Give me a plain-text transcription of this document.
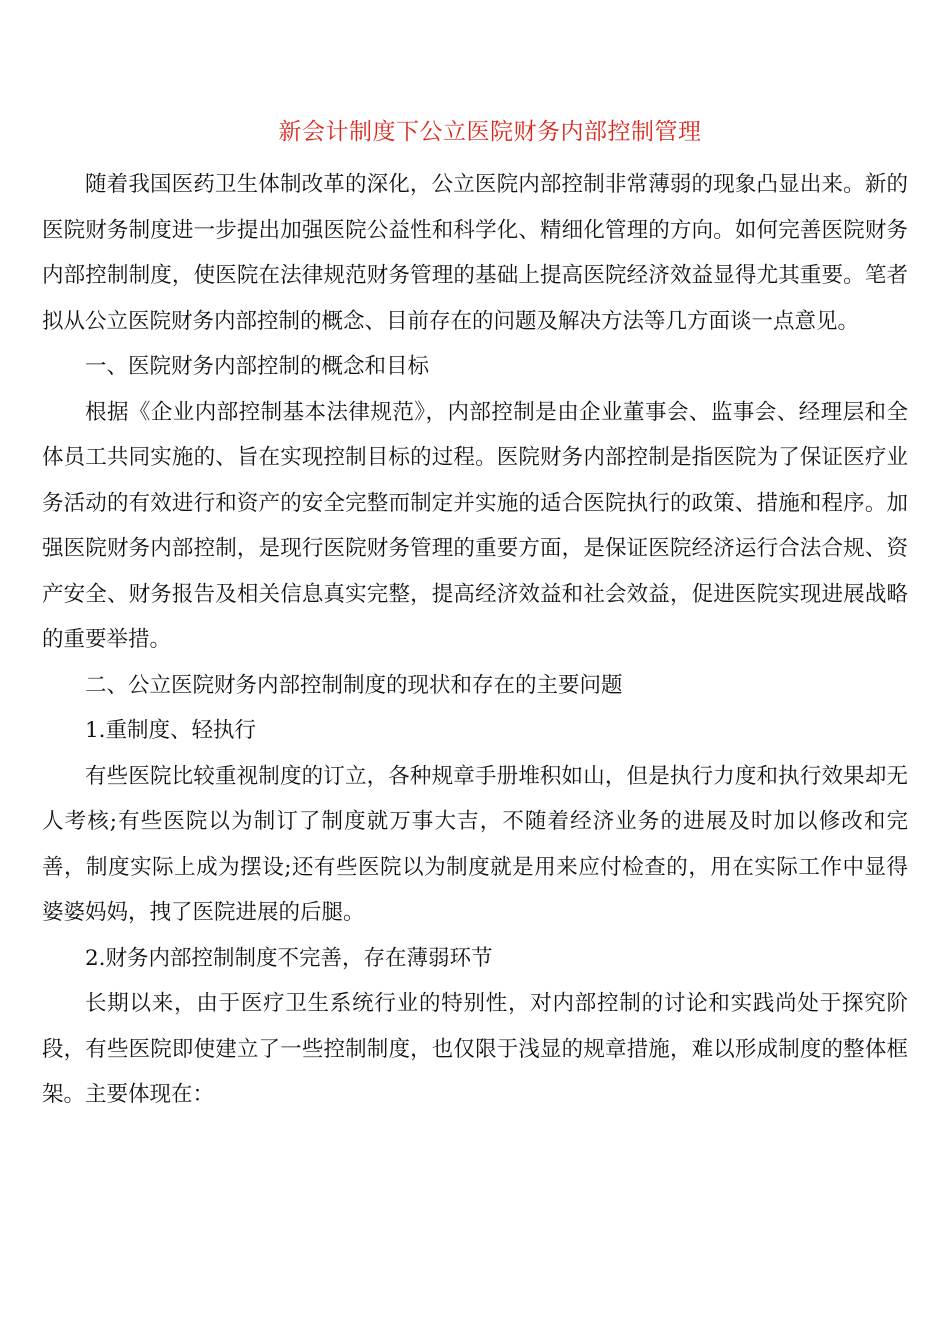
新会计制度下公立医院财务内部控制管理

随着我国医药卫生体制改革的深化，公立医院内部控制非常薄弱的现象凸显出来。新的医院财务制度进一步提出加强医院公益性和科学化、精细化管理的方向。如何完善医院财务内部控制制度，使医院在法律规范财务管理的基础上提高医院经济效益显得尤其重要。笔者拟从公立医院财务内部控制的概念、目前存在的问题及解决方法等几方面谈一点意见。

一、医院财务内部控制的概念和目标

根据《企业内部控制基本法律规范》，内部控制是由企业董事会、监事会、经理层和全体员工共同实施的、旨在实现控制目标的过程。医院财务内部控制是指医院为了保证医疗业务活动的有效进行和资产的安全完整而制定并实施的适合医院执行的政策、措施和程序。加强医院财务内部控制，是现行医院财务管理的重要方面，是保证医院经济运行合法合规、资产安全、财务报告及相关信息真实完整，提高经济效益和社会效益，促进医院实现进展战略的重要举措。

二、公立医院财务内部控制制度的现状和存在的主要问题

1.重制度、轻执行

有些医院比较重视制度的订立，各种规章手册堆积如山，但是执行力度和执行效果却无人考核;有些医院以为制订了制度就万事大吉，不随着经济业务的进展及时加以修改和完善，制度实际上成为摆设;还有些医院以为制度就是用来应付检查的，用在实际工作中显得婆婆妈妈，拽了医院进展的后腿。

2.财务内部控制制度不完善，存在薄弱环节

长期以来，由于医疗卫生系统行业的特别性，对内部控制的讨论和实践尚处于探究阶段，有些医院即使建立了一些控制制度，也仅限于浅显的规章措施，难以形成制度的整体框架。主要体现在：
